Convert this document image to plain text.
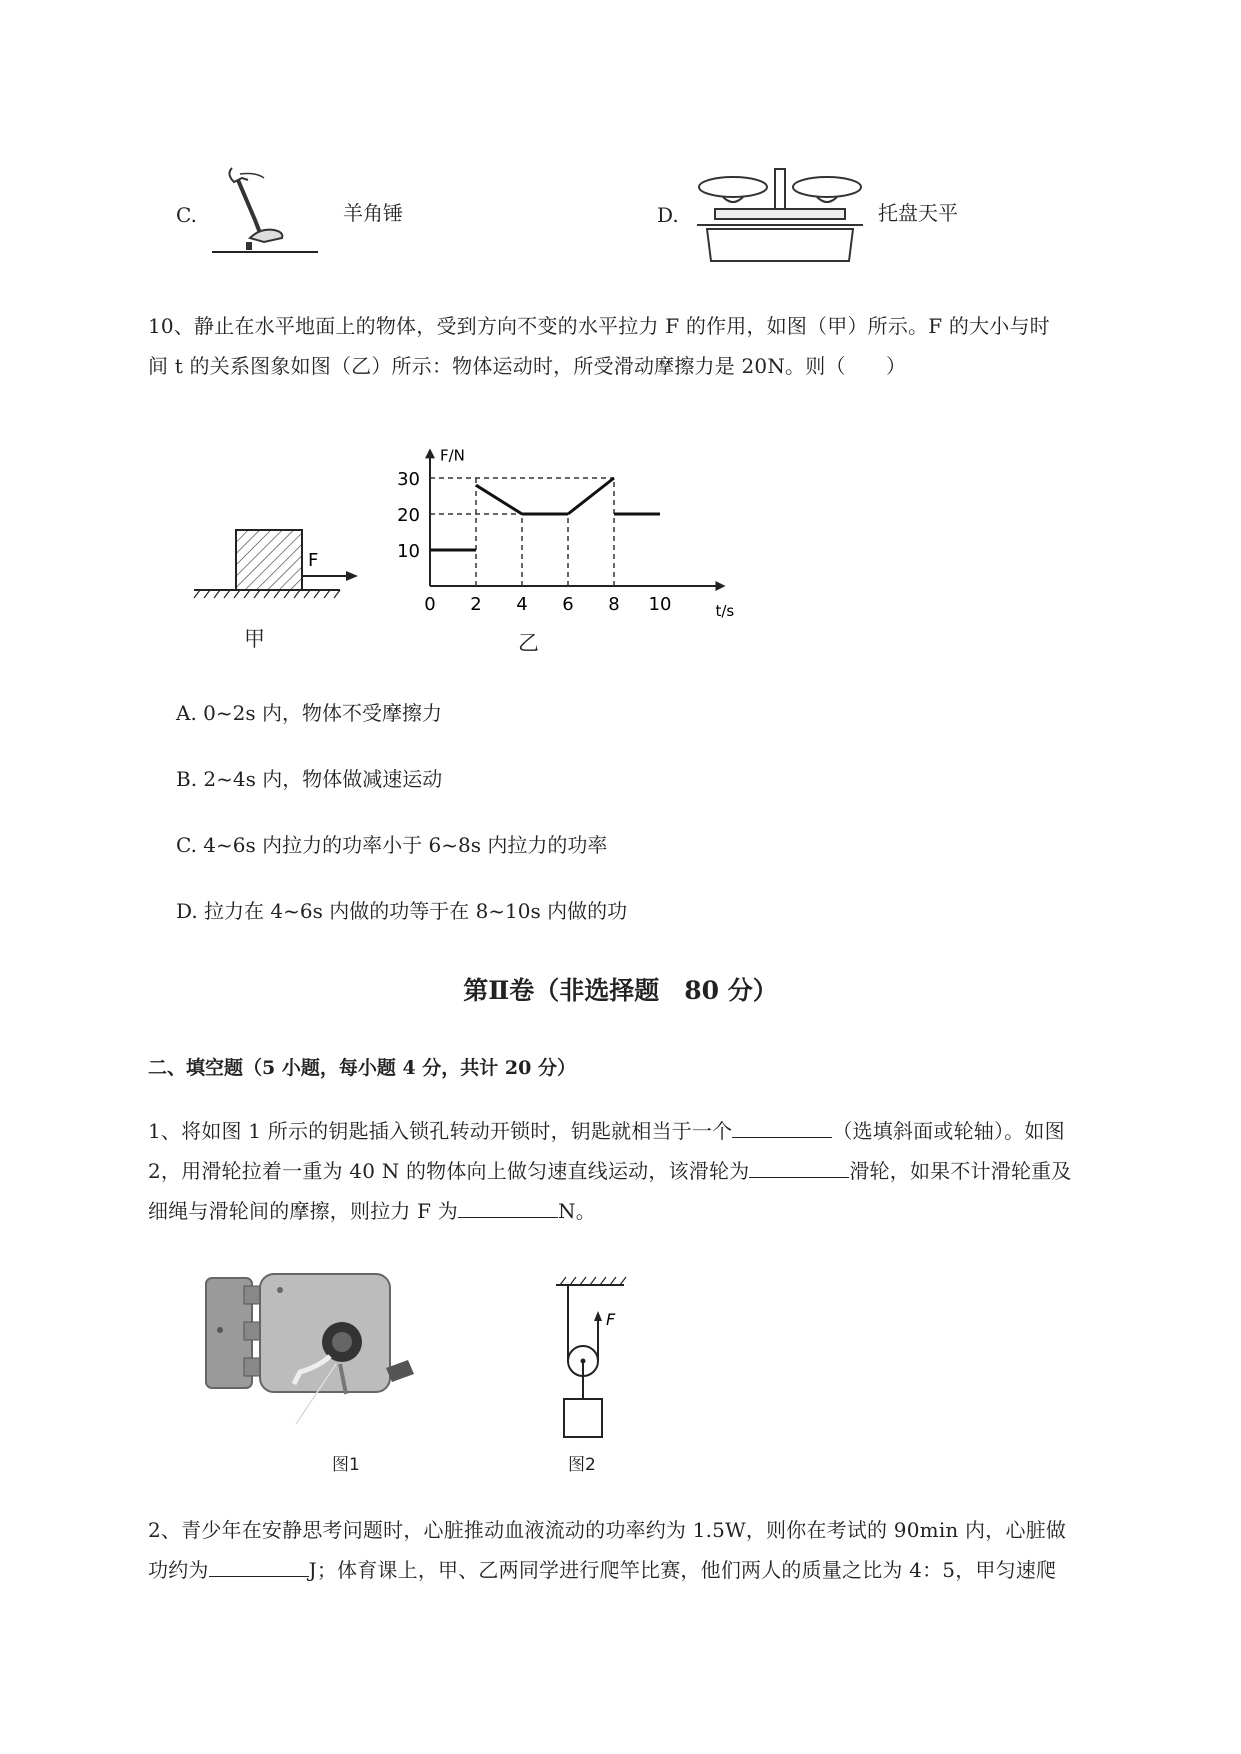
C.	羊角锤	D.	托盘天平
10、静止在水平地面上的物体，受到方向不变的水平拉力 F 的作用，如图（甲）所示。F 的大小与时
间 t 的关系图象如图（乙）所示：物体运动时，所受滑动摩擦力是 20N。则（　　）
F
甲
F/N
t/s
0 2 4 6 8 10
10
20
30
乙
A. 0~2s 内，物体不受摩擦力
B. 2~4s 内，物体做减速运动
C. 4~6s 内拉力的功率小于 6~8s 内拉力的功率
D. 拉力在 4~6s 内做的功等于在 8~10s 内做的功
第Ⅱ卷（非选择题　80 分）
二、填空题（5 小题，每小题 4 分，共计 20 分）
1、将如图 1 所示的钥匙插入锁孔转动开锁时，钥匙就相当于一个	（选填斜面或轮轴）。如图
2，用滑轮拉着一重为 40 N 的物体向上做匀速直线运动，该滑轮为	滑轮，如果不计滑轮重及
细绳与滑轮间的摩擦，则拉力 F 为	N。
图1
F
图2
2、青少年在安静思考问题时，心脏推动血液流动的功率约为 1.5W，则你在考试的 90min 内，心脏做
功约为	J；体育课上，甲、乙两同学进行爬竿比赛，他们两人的质量之比为 4：5，甲匀速爬
